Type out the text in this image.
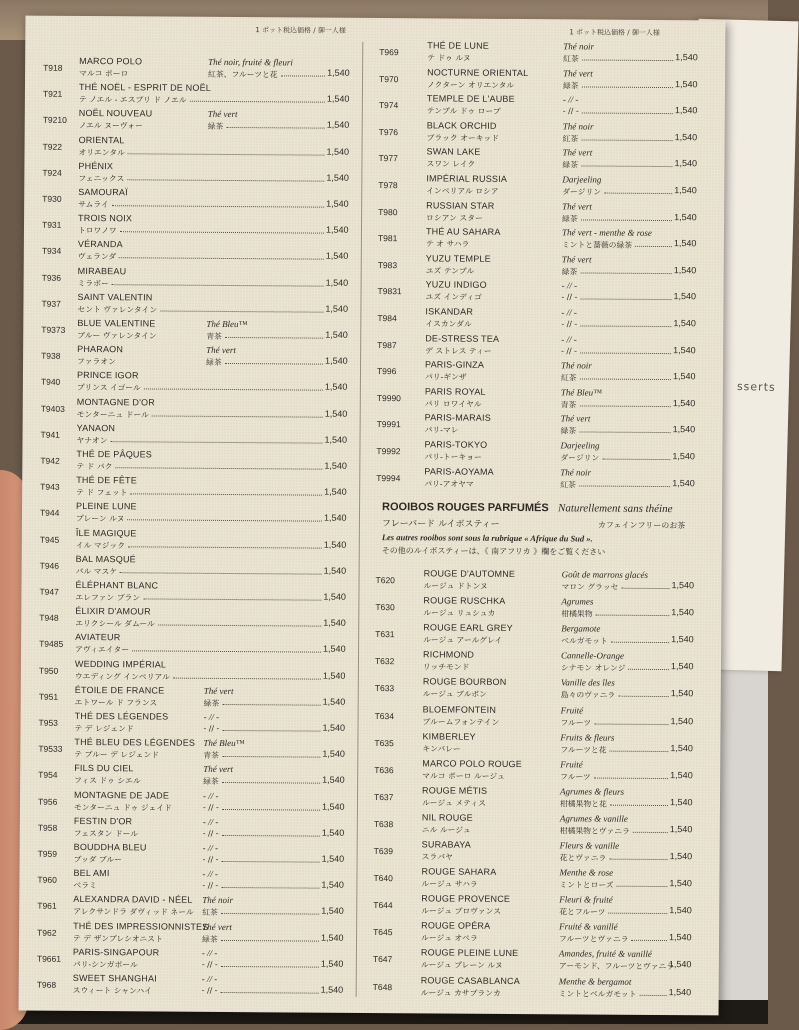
sserts
1 ポット税込価格 / 御一人様
T918
MARCO POLO
マルコ ポーロ
Thé noir, fruité & fleuri
紅茶、フルーツと花	1,540
T921
THÉ NOËL - ESPRIT DE NOËL
テ ノエル - エスプリ ド ノエル	1,540
T9210
NOËL NOUVEAU
ノエル ヌーヴォー
Thé vert
緑茶	1,540
T922
ORIENTAL
オリエンタル	1,540
T924
PHÉNIX
フェニックス	1,540
T930
SAMOURAÏ
サムライ	1,540
T931
TROIS NOIX
トロワノワ	1,540
T934
VÉRANDA
ヴェランダ	1,540
T936
MIRABEAU
ミラボー	1,540
T937
SAINT VALENTIN
セント ヴァレンタイン	1,540
T9373
BLUE VALENTINE
ブルー ヴァレンタイン
Thé Bleu™
青茶	1,540
T938
PHARAON
ファラオン
Thé vert
緑茶	1,540
T940
PRINCE IGOR
プリンス イゴール	1,540
T9403
MONTAGNE D'OR
モンターニュ ドール	1,540
T941
YANAON
ヤナオン	1,540
T942
THÉ DE PÂQUES
テ ド パク	1,540
T943
THÉ DE FÊTE
テ ド フェット	1,540
T944
PLEINE LUNE
プレーン ルヌ	1,540
T945
ÎLE MAGIQUE
イル マジック	1,540
T946
BAL MASQUÉ
バル マスケ	1,540
T947
ÉLÉPHANT BLANC
エレファン ブラン	1,540
T948
ÉLIXIR D'AMOUR
エリクシール ダムール	1,540
T9485
AVIATEUR
アヴィエイター	1,540
T950
WEDDING IMPÉRIAL
ウエディング インペリアル	1,540
T951
ÉTOILE DE FRANCE
エトワール ド フランス
Thé vert
緑茶	1,540
T953
THÉ DES LÉGENDES
テ デ レジェンド
- // -
- // -	1,540
T9533
THÉ BLEU DES LÉGENDES
テ ブルー デ レジェンド
Thé Bleu™
青茶	1,540
T954
FILS DU CIEL
フィス ドゥ シエル
Thé vert
緑茶	1,540
T956
MONTAGNE DE JADE
モンターニュ ドゥ ジェイド
- // -
- // -	1,540
T958
FESTIN D'OR
フェスタン ドール
- // -
- // -	1,540
T959
BOUDDHA BLEU
ブッダ ブルー
- // -
- // -	1,540
T960
BEL AMI
ベラミ
- // -
- // -	1,540
T961
ALEXANDRA DAVID - NÉEL
アレクサンドラ ダヴィッド ネール
Thé noir
紅茶	1,540
T962
THÉ DES IMPRESSIONNISTES
テ デ ザンプレシオニスト
Thé vert
緑茶	1,540
T9661
PARIS-SINGAPOUR
パリ-シンガポール
- // -
- // -	1,540
T968
SWEET SHANGHAI
スウィート シャンハイ
- // -
- // -	1,540
1 ポット税込価格 / 御一人様
T969
THÉ DE LUNE
テ ドゥ ルヌ
Thé noir
紅茶	1,540
T970
NOCTURNE ORIENTAL
ノクターン オリエンタル
Thé vert
緑茶	1,540
T974
TEMPLE DE L'AUBE
テンプル ドゥ ローブ
- // -
- // -	1,540
T976
BLACK ORCHID
ブラック オーキッド
Thé noir
紅茶	1,540
T977
SWAN LAKE
スワン レイク
Thé vert
緑茶	1,540
T978
IMPÉRIAL RUSSIA
インペリアル ロシア
Darjeeling
ダージリン	1,540
T980
RUSSIAN STAR
ロシアン スター
Thé vert
緑茶	1,540
T981
THÉ AU SAHARA
テ オ サハラ
Thé vert - menthe & rose
ミントと薔薇の緑茶	1,540
T983
YUZU TEMPLE
ユズ テンプル
Thé vert
緑茶	1,540
T9831
YUZU INDIGO
ユズ インディゴ
- // -
- // -	1,540
T984
ISKANDAR
イスカンダル
- // -
- // -	1,540
T987
DE-STRESS TEA
デ ストレス ティー
- // -
- // -	1,540
T996
PARIS-GINZA
パリ-ギンザ
Thé noir
紅茶	1,540
T9990
PARIS ROYAL
パリ ロワイヤル
Thé Bleu™
青茶	1,540
T9991
PARIS-MARAIS
パリ-マレ
Thé vert
緑茶	1,540
T9992
PARIS-TOKYO
パリ-トーキョー
Darjeeling
ダージリン	1,540
T9994
PARIS-AOYAMA
パリ-アオヤマ
Thé noir
紅茶	1,540
ROOIBOS ROUGES PARFUMÉS Naturellement sans théine
フレーバード ルイボスティー	カフェインフリーのお茶
Les autres rooibos sont sous la rubrique « Afrique du Sud ».
その他のルイボスティーは、《 南アフリカ 》欄をご覧ください
T620
ROUGE D'AUTOMNE
ルージュ ドトンヌ
Goût de marrons glacés
マロン グラッセ	1,540
T630
ROUGE RUSCHKA
ルージュ リュシュカ
Agrumes
柑橘果物	1,540
T631
ROUGE EARL GREY
ルージュ アールグレイ
Bergamote
ベルガモット	1,540
T632
RICHMOND
リッチモンド
Cannelle-Orange
シナモン オレンジ	1,540
T633
ROUGE BOURBON
ルージュ ブルボン
Vanille des îles
島々のヴァニラ	1,540
T634
BLOEMFONTEIN
ブルームフォンテイン
Fruité
フルーツ	1,540
T635
KIMBERLEY
キンバレー
Fruits & fleurs
フルーツと花	1,540
T636
MARCO POLO ROUGE
マルコ ポーロ ルージュ
Fruité
フルーツ	1,540
T637
ROUGE MÉTIS
ルージュ メティス
Agrumes & fleurs
柑橘果物と花	1,540
T638
NIL ROUGE
ニル ルージュ
Agrumes & vanille
柑橘果物とヴァニラ	1,540
T639
SURABAYA
スラバヤ
Fleurs & vanille
花とヴァニラ	1,540
T640
ROUGE SAHARA
ルージュ サハラ
Menthe & rose
ミントとローズ	1,540
T644
ROUGE PROVENCE
ルージュ プロヴァンス
Fleuri & fruité
花とフルーツ	1,540
T645
ROUGE OPÉRA
ルージュ オペラ
Fruité & vanillé
フルーツとヴァニラ	1,540
T647
ROUGE PLEINE LUNE
ルージュ プレーン ルヌ
Amandes, fruité & vanillé
アーモンド、フルーツとヴァニラ
1,540
T648
ROUGE CASABLANCA
ルージュ カサブランカ
Menthe & bergamot
ミントとベルガモット	1,540
